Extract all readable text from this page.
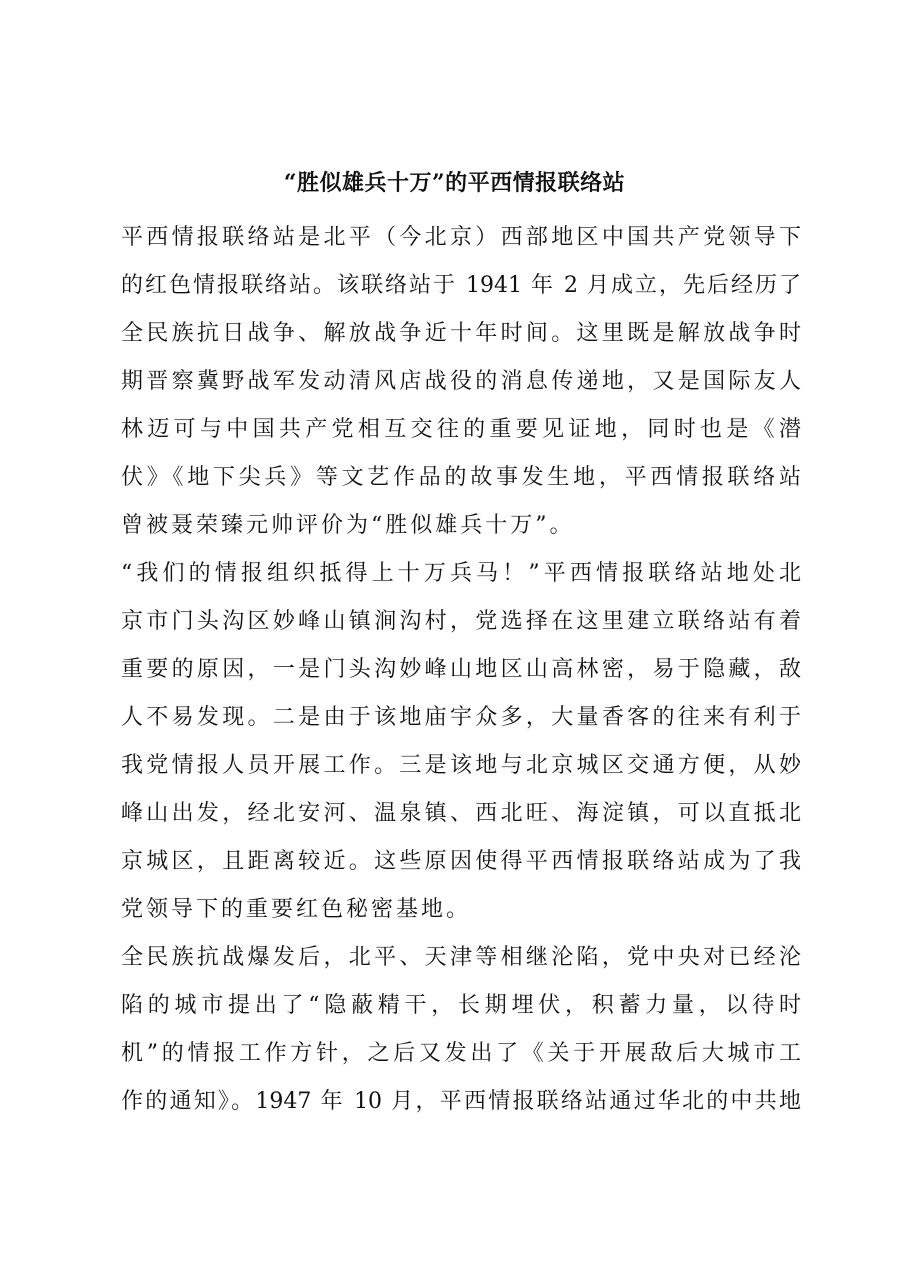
“胜似雄兵十万”的平西情报联络站
平西情报联络站是北平（今北京）西部地区中国共产党领导下
的红色情报联络站。该联络站于 1941 年 2 月成立，先后经历了
全民族抗日战争、解放战争近十年时间。这里既是解放战争时
期晋察冀野战军发动清风店战役的消息传递地，又是国际友人
林迈可与中国共产党相互交往的重要见证地，同时也是《潜
伏》《地下尖兵》等文艺作品的故事发生地，平西情报联络站
曾被聂荣臻元帅评价为“胜似雄兵十万”。
“我们的情报组织抵得上十万兵马！”平西情报联络站地处北
京市门头沟区妙峰山镇涧沟村，党选择在这里建立联络站有着
重要的原因，一是门头沟妙峰山地区山高林密，易于隐藏，敌
人不易发现。二是由于该地庙宇众多，大量香客的往来有利于
我党情报人员开展工作。三是该地与北京城区交通方便，从妙
峰山出发，经北安河、温泉镇、西北旺、海淀镇，可以直抵北
京城区，且距离较近。这些原因使得平西情报联络站成为了我
党领导下的重要红色秘密基地。
全民族抗战爆发后，北平、天津等相继沦陷，党中央对已经沦
陷的城市提出了“隐蔽精干，长期埋伏，积蓄力量，以待时
机”的情报工作方针，之后又发出了《关于开展敌后大城市工
作的通知》。1947 年 10 月，平西情报联络站通过华北的中共地
